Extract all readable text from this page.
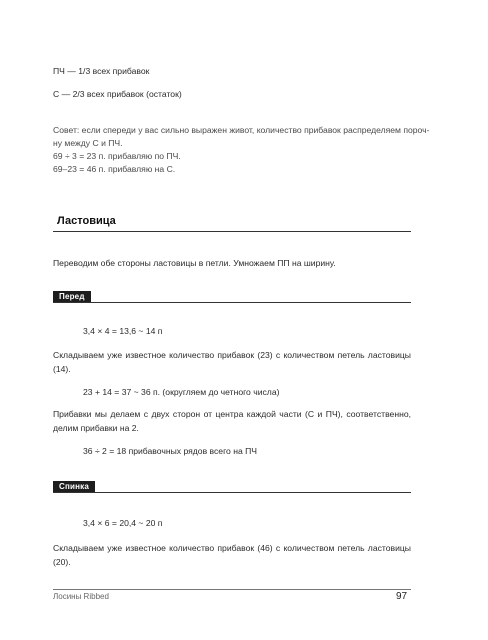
ПЧ — 1/3 всех прибавок
С — 2/3 всех прибавок (остаток)
Совет: если спереди у вас сильно выражен живот, количество прибавок распределяем пороч-
ну между С и ПЧ.
69 ÷ 3 = 23 п. прибавляю по ПЧ.
69–23 = 46 п. прибавляю на С.
Ластовица
Переводим обе стороны ластовицы в петли. Умножаем ПП на ширину.
Перед
3,4 × 4 = 13,6 ~ 14 п
Складываем уже известное количество прибавок (23) с количеством петель ластовицы (14).
23 + 14 = 37 ~ 36 п. (округляем до четного числа)
Прибавки мы делаем с двух сторон от центра каждой части (С и ПЧ), соответственно, делим прибавки на 2.
36 ÷ 2 = 18 прибавочных рядов всего на ПЧ
Спинка
3,4 × 6 = 20,4 ~ 20 п
Складываем уже известное количество прибавок (46) с количеством петель ластовицы (20).
Лосины Ribbed	97
